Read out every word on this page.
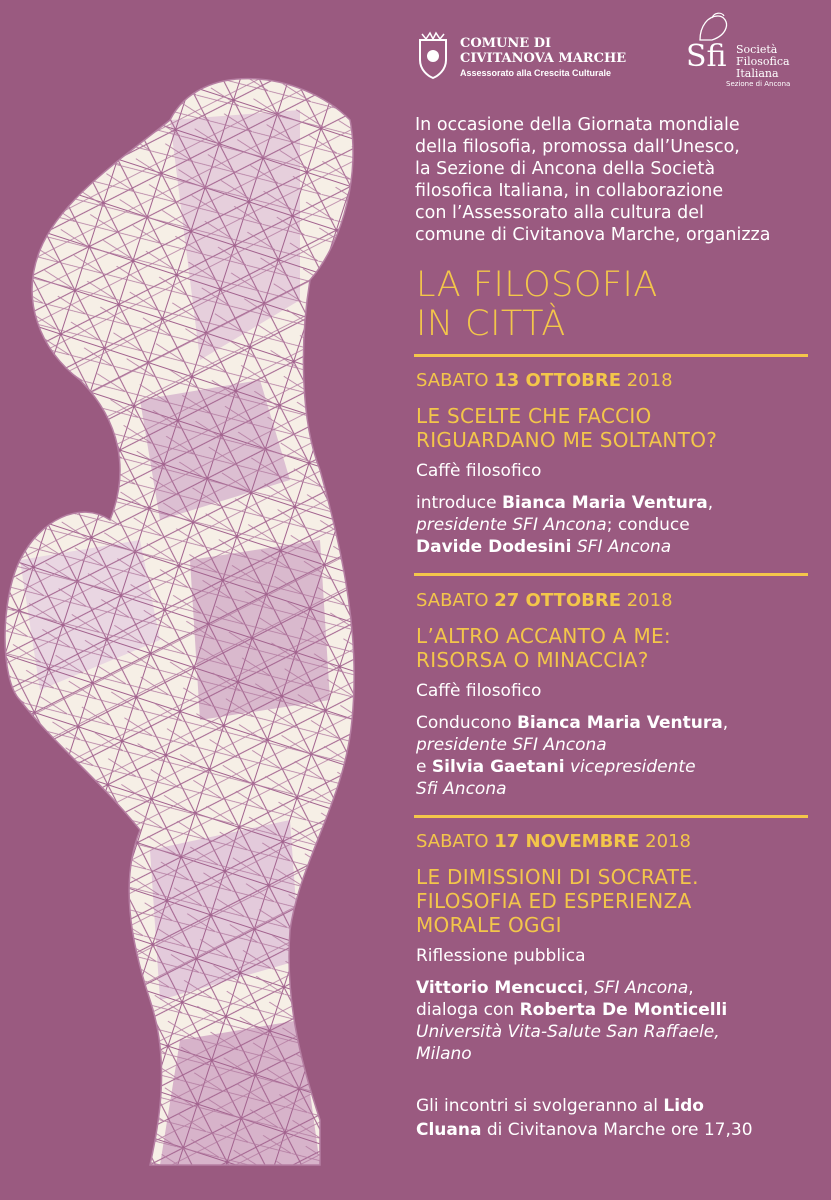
COMUNE DI
CIVITANOVA MARCHE
Assessorato alla Crescita Culturale Sfi Società
Filosofica
Italiana
Sezione di Ancona

In occasione della Giornata mondiale
della filosofia, promossa dall’Unesco,
la Sezione di Ancona della Società
filosofica Italiana, in collaborazione
con l’Assessorato alla cultura del
comune di Civitanova Marche, organizza

LA FILOSOFIA
IN CITTÀ
SABATO 13 OTTOBRE 2018
LE SCELTE CHE FACCIO
RIGUARDANO ME SOLTANTO?
Caffè filosofico
introduce Bianca Maria Ventura,
presidente SFI Ancona; conduce
Davide Dodesini SFI Ancona
SABATO 27 OTTOBRE 2018
L’ALTRO ACCANTO A ME:
RISORSA O MINACCIA?
Caffè filosofico
Conducono Bianca Maria Ventura,
presidente SFI Ancona
e Silvia Gaetani vicepresidente
Sfi Ancona
SABATO 17 NOVEMBRE 2018
LE DIMISSIONI DI SOCRATE.
FILOSOFIA ED ESPERIENZA
MORALE OGGI
Riflessione pubblica
Vittorio Mencucci, SFI Ancona,
dialoga con Roberta De Monticelli
Università Vita-Salute San Raffaele,
Milano
Gli incontri si svolgeranno al Lido
Cluana di Civitanova Marche ore 17,30
